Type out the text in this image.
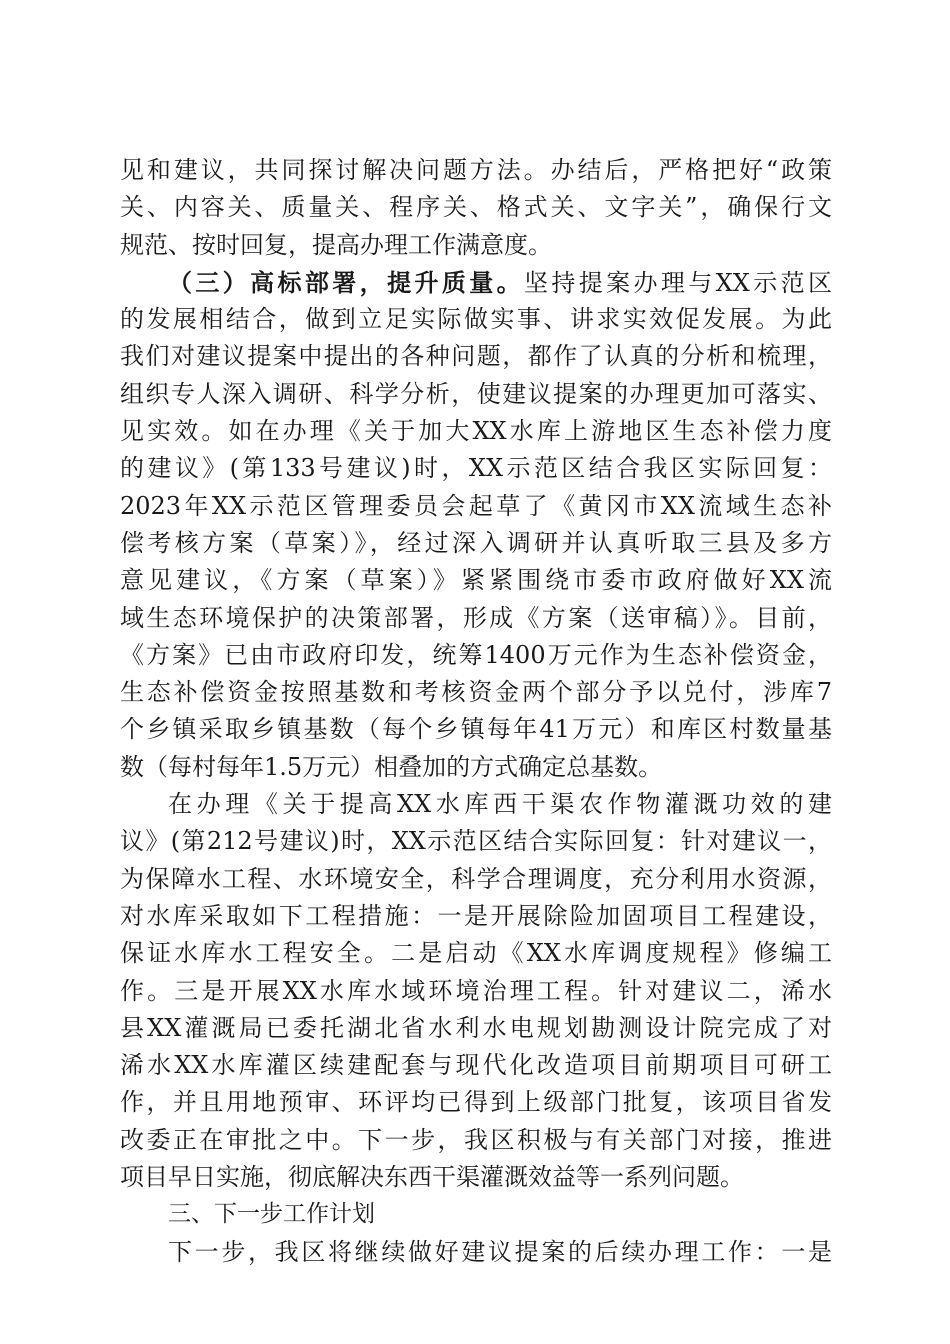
见和建议，共同探讨解决问题方法。办结后，严格把好“政策
关、内容关、质量关、程序关、格式关、文字关”，确保行文
规范、按时回复，提高办理工作满意度。
（三）高标部署，提升质量。坚持提案办理与XX示范区
的发展相结合，做到立足实际做实事、讲求实效促发展。为此
我们对建议提案中提出的各种问题，都作了认真的分析和梳理，
组织专人深入调研、科学分析，使建议提案的办理更加可落实、
见实效。如在办理《关于加大XX水库上游地区生态补偿力度
的建议》(第133号建议)时，XX示范区结合我区实际回复：
2023年XX示范区管理委员会起草了《黄冈市XX流域生态补
偿考核方案（草案）》，经过深入调研并认真听取三县及多方
意见建议，《方案（草案）》紧紧围绕市委市政府做好XX流
域生态环境保护的决策部署，形成《方案（送审稿）》。目前，
《方案》已由市政府印发，统筹1400万元作为生态补偿资金，
生态补偿资金按照基数和考核资金两个部分予以兑付，涉库7
个乡镇采取乡镇基数（每个乡镇每年41万元）和库区村数量基
数（每村每年1.5万元）相叠加的方式确定总基数。
在办理《关于提高XX水库西干渠农作物灌溉功效的建
议》(第212号建议)时，XX示范区结合实际回复：针对建议一，
为保障水工程、水环境安全，科学合理调度，充分利用水资源，
对水库采取如下工程措施：一是开展除险加固项目工程建设，
保证水库水工程安全。二是启动《XX水库调度规程》修编工
作。三是开展XX水库水域环境治理工程。针对建议二，浠水
县XX灌溉局已委托湖北省水利水电规划勘测设计院完成了对
浠水XX水库灌区续建配套与现代化改造项目前期项目可研工
作，并且用地预审、环评均已得到上级部门批复，该项目省发
改委正在审批之中。下一步，我区积极与有关部门对接，推进
项目早日实施，彻底解决东西干渠灌溉效益等一系列问题。
三、下一步工作计划
下一步，我区将继续做好建议提案的后续办理工作：一是
